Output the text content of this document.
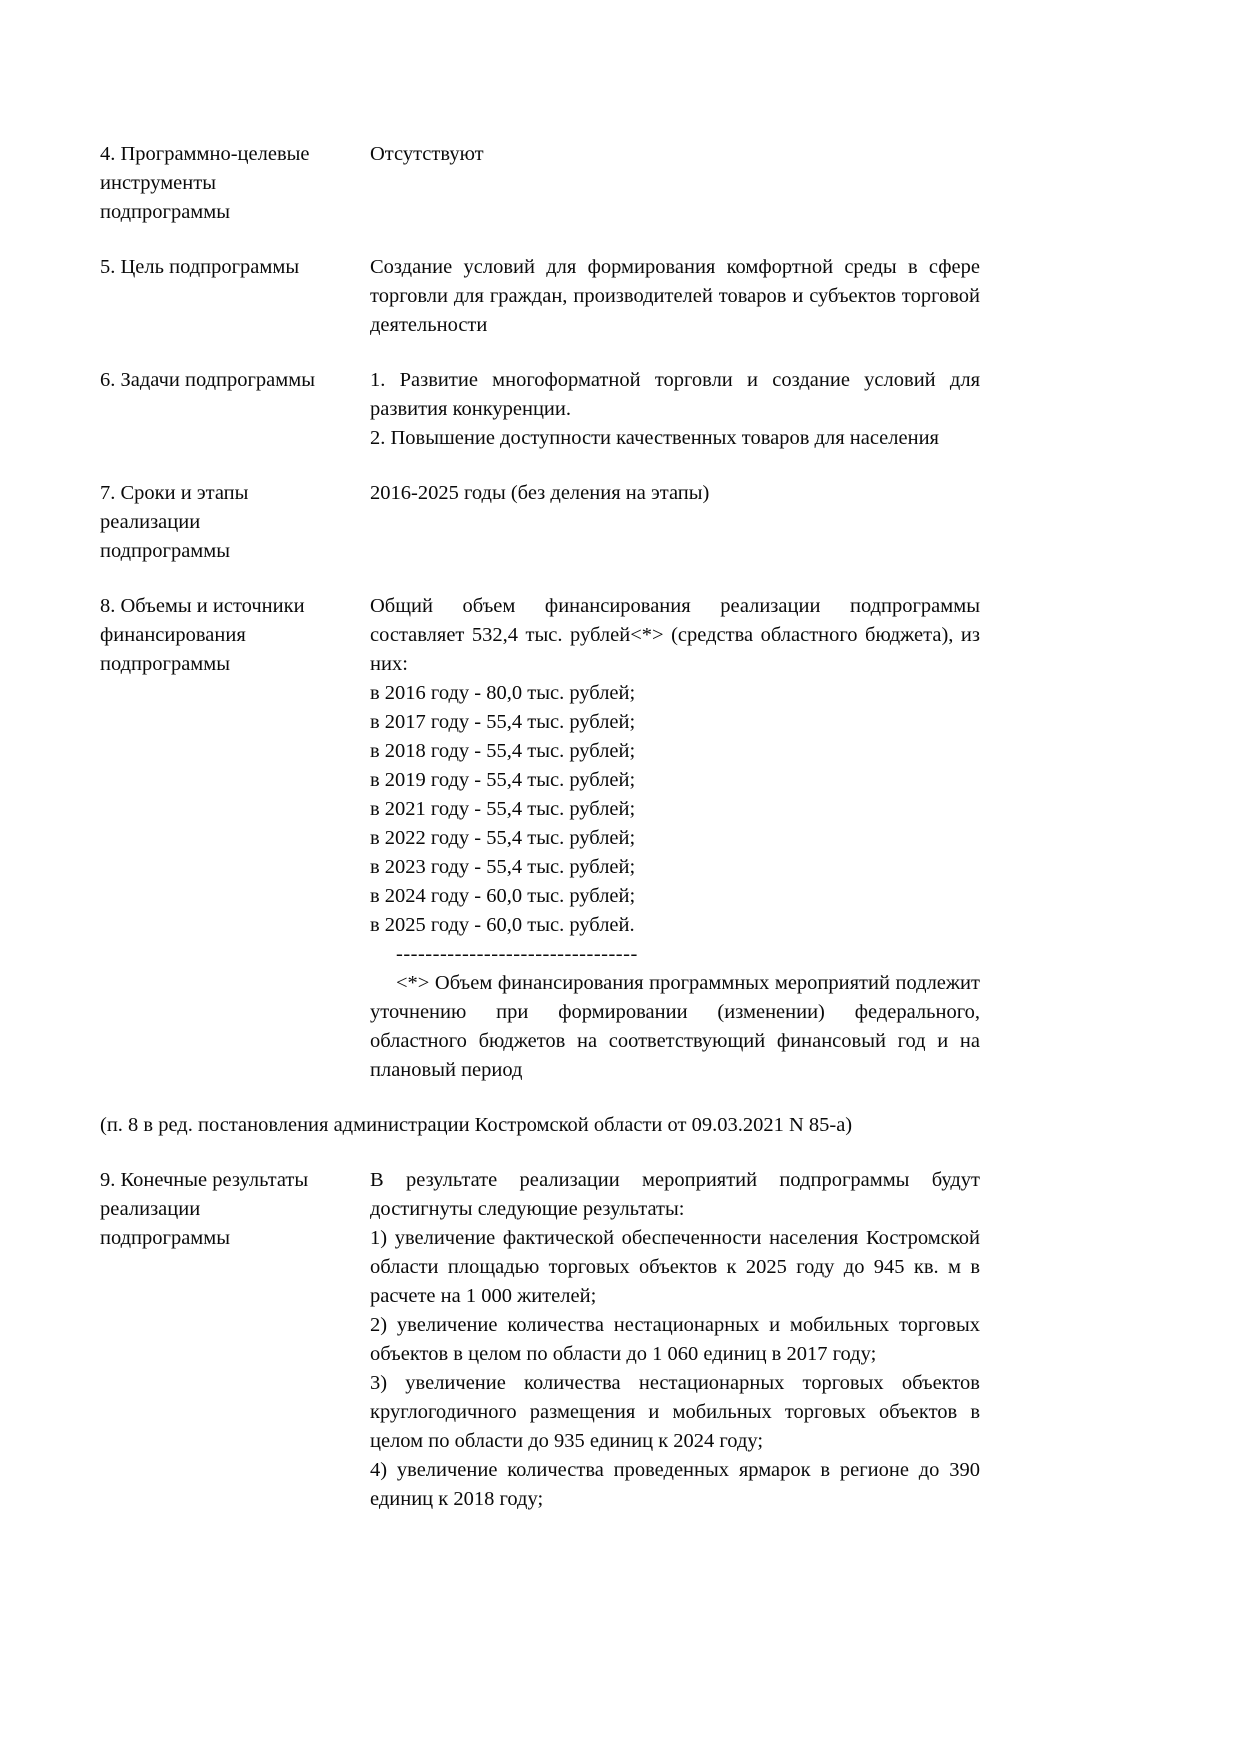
4. Программно-целевые
инструменты
подпрограммы

Отсутствуют

5. Цель подпрограммы	Создание условий для формирования комфортной среды в сфере торговли для граждан, производителей товаров и субъектов торговой деятельности

6. Задачи подпрограммы	1. Развитие многоформатной торговли и создание условий для развития конкуренции.

2. Повышение доступности качественных товаров для населения

7. Сроки и этапы
реализации
подпрограммы

2016-2025 годы (без деления на этапы)

8. Объемы и источники
финансирования
подпрограммы

Общий объем финансирования реализации подпрограммы составляет 532,4 тыс. рублей<*> (средства областного бюджета), из них:

в 2016 году - 80,0 тыс. рублей;

в 2017 году - 55,4 тыс. рублей;

в 2018 году - 55,4 тыс. рублей;

в 2019 году - 55,4 тыс. рублей;

в 2021 году - 55,4 тыс. рублей;

в 2022 году - 55,4 тыс. рублей;

в 2023 году - 55,4 тыс. рублей;

в 2024 году - 60,0 тыс. рублей;

в 2025 году - 60,0 тыс. рублей.

---------------------------------

<*> Объем финансирования программных мероприятий подлежит уточнению при формировании (изменении) федерального, областного бюджетов на соответствующий финансовый год и на плановый период

(п. 8 в ред. постановления администрации Костромской области от 09.03.2021 N 85-а)
9. Конечные результаты
реализации
подпрограммы

В результате реализации мероприятий подпрограммы будут достигнуты следующие результаты:

1) увеличение фактической обеспеченности населения Костромской области площадью торговых объектов к 2025 году до 945 кв. м в расчете на 1 000 жителей;

2) увеличение количества нестационарных и мобильных торговых объектов в целом по области до 1 060 единиц в 2017 году;

3) увеличение количества нестационарных торговых объектов круглогодичного размещения и мобильных торговых объектов в целом по области до 935 единиц к 2024 году;

4) увеличение количества проведенных ярмарок в регионе до 390 единиц к 2018 году;
